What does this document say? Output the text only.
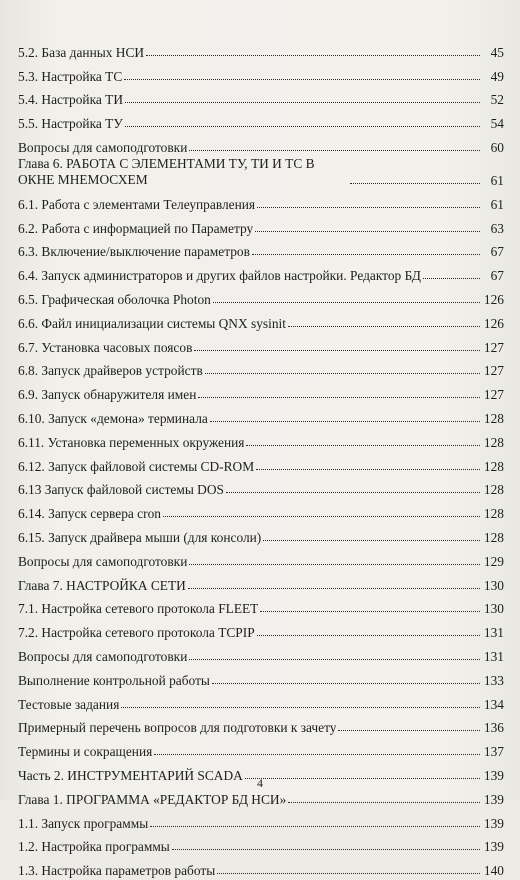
5.2. База данных НСИ	45
5.3. Настройка ТС	49
5.4. Настройка ТИ	52
5.5. Настройка ТУ	54
Вопросы для самоподготовки	60
Глава 6. РАБОТА С ЭЛЕМЕНТАМИ ТУ, ТИ И ТС В ОКНЕ МНЕМОСХЕМ	61
6.1. Работа с элементами Телеуправления	61
6.2. Работа с информацией по Параметру	63
6.3. Включение/выключение параметров	67
6.4. Запуск администраторов и других файлов настройки. Редактор БД	67
6.5. Графическая оболочка Photon	126
6.6. Файл инициализации системы QNX sysinit	126
6.7. Установка часовых поясов	127
6.8. Запуск драйверов устройств	127
6.9. Запуск обнаружителя имен	127
6.10. Запуск «демона» терминала	128
6.11. Установка переменных окружения	128
6.12. Запуск файловой системы CD-ROM	128
6.13 Запуск файловой системы DOS	128
6.14. Запуск сервера cron	128
6.15. Запуск драйвера мыши (для консоли)	128
Вопросы для самоподготовки	129
Глава 7. НАСТРОЙКА СЕТИ	130
7.1. Настройка сетевого протокола FLEET	130
7.2. Настройка сетевого протокола TCPIP	131
Вопросы для самоподготовки	131
Выполнение контрольной работы	133
Тестовые задания	134
Примерный перечень вопросов для подготовки к зачету	136
Термины и сокращения	137
Часть 2. ИНСТРУМЕНТАРИЙ SCADA	139
Глава 1. ПРОГРАММА «РЕДАКТОР БД НСИ»	139
1.1. Запуск программы	139
1.2. Настройка программы	139
1.3. Настройка параметров работы	140
4
